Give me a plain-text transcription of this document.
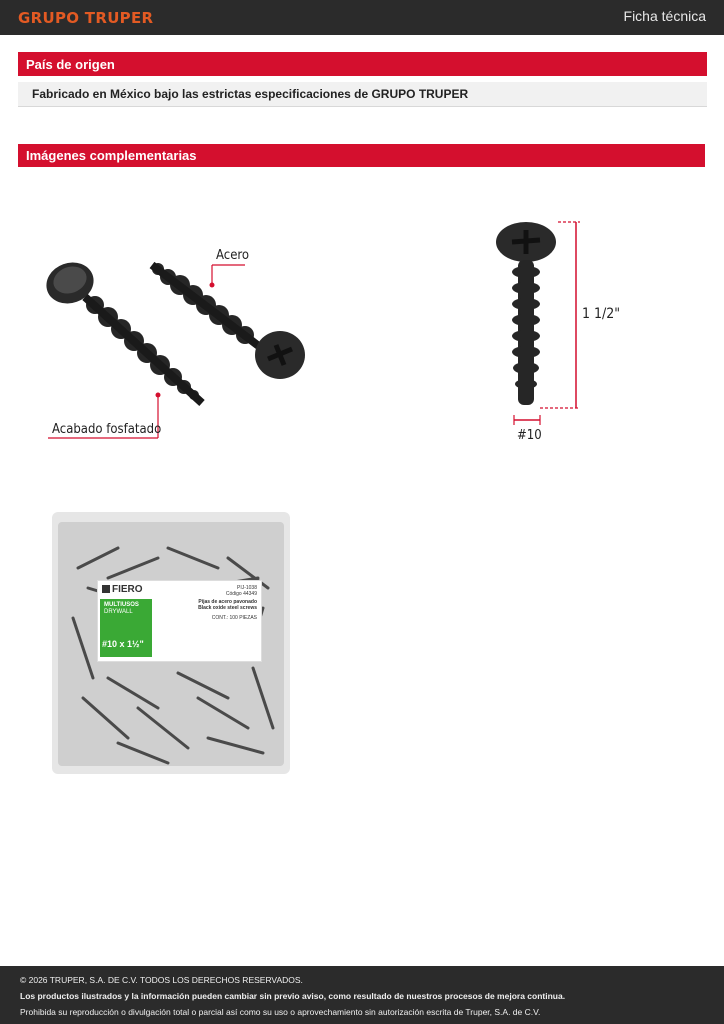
GRUPO TRUPER	Ficha técnica
País de origen
Fabricado en México bajo las estrictas especificaciones de GRUPO TRUPER
Imágenes complementarias
Acero
Acabado fosfatado
1 1/2"
#10
FIERO	PIJ-1038
Código 44349
MULTIUSOS
DRYWALL
#10 x 1½"
Pijas de acero pavonado
Black oxide steel screws
CONT.: 100 PIEZAS

© 2026 TRUPER, S.A. DE C.V. TODOS LOS DERECHOS RESERVADOS.

Los productos ilustrados y la información pueden cambiar sin previo aviso, como resultado de nuestros procesos de mejora continua.

Prohibida su reproducción o divulgación total o parcial así como su uso o aprovechamiento sin autorización escrita de Truper, S.A. de C.V.
